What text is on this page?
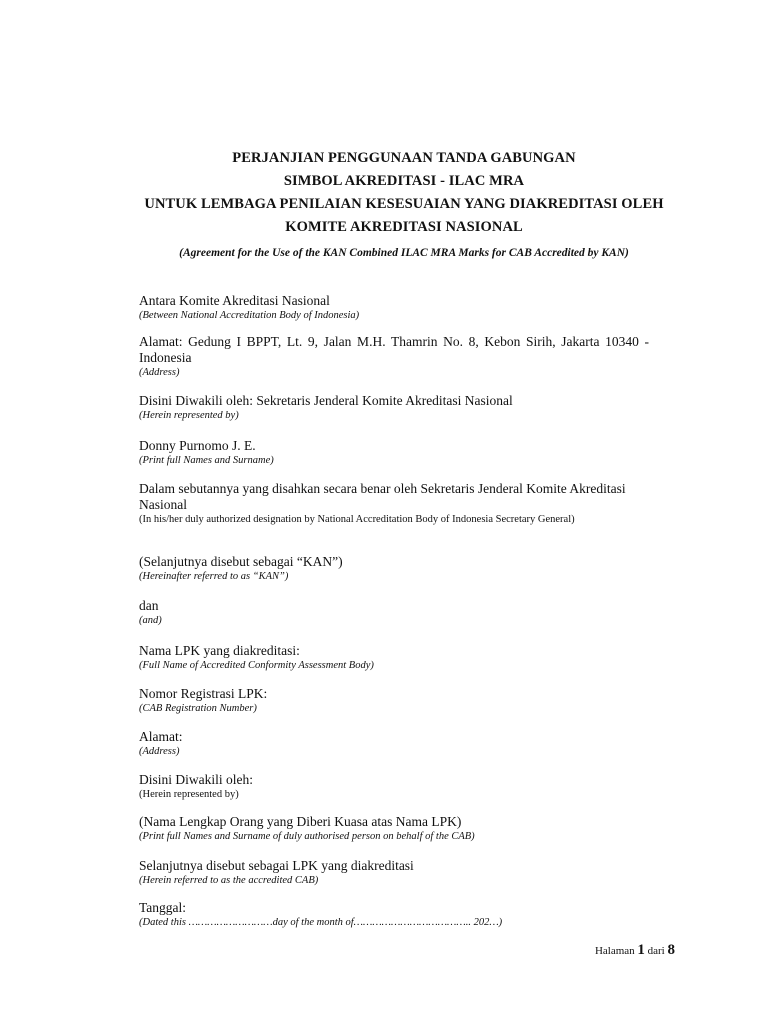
PERJANJIAN PENGGUNAAN TANDA GABUNGAN
SIMBOL AKREDITASI - ILAC MRA
UNTUK LEMBAGA PENILAIAN KESESUAIAN YANG DIAKREDITASI OLEH
KOMITE AKREDITASI NASIONAL
(Agreement for the Use of the KAN Combined ILAC MRA Marks for CAB Accredited by KAN)
Antara Komite Akreditasi Nasional
(Between National Accreditation Body of Indonesia)
Alamat: Gedung I BPPT, Lt. 9, Jalan M.H. Thamrin No. 8, Kebon Sirih, Jakarta 10340 - Indonesia
(Address)
Disini Diwakili oleh: Sekretaris Jenderal Komite Akreditasi Nasional
(Herein represented by)
Donny Purnomo J. E.
(Print full Names and Surname)
Dalam sebutannya yang disahkan secara benar oleh Sekretaris Jenderal Komite Akreditasi Nasional
(In his/her duly authorized designation by National Accreditation Body of Indonesia Secretary General)
(Selanjutnya disebut sebagai “KAN”)
(Hereinafter referred to as “KAN”)
dan
(and)
Nama LPK yang diakreditasi:
(Full Name of Accredited Conformity Assessment Body)
Nomor Registrasi LPK:
(CAB Registration Number)
Alamat:
(Address)
Disini Diwakili oleh:
(Herein represented by)
(Nama Lengkap Orang yang Diberi Kuasa atas Nama LPK)
(Print full Names and Surname of duly authorised person on behalf of the CAB)
Selanjutnya disebut sebagai LPK yang diakreditasi
(Herein referred to as the accredited CAB)
Tanggal:
(Dated this ………………………day of the month of……………………………….. 202…)
Halaman 1 dari 8
